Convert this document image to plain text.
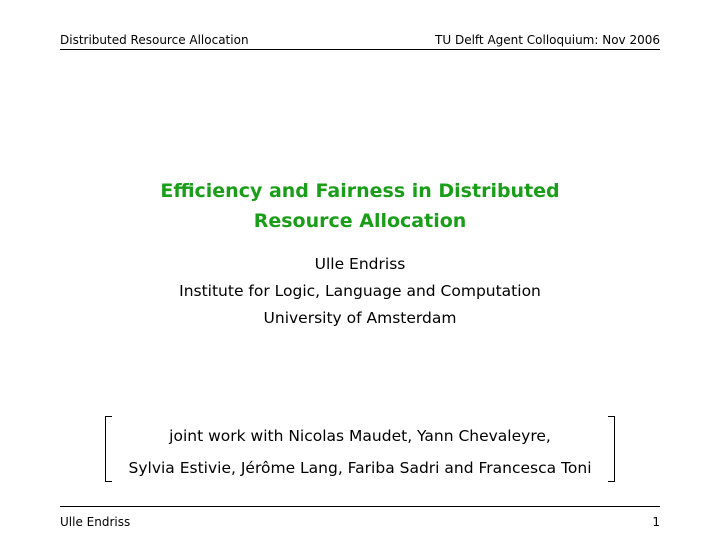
Distributed Resource Allocation	TU Delft Agent Colloquium: Nov 2006
Efficiency and Fairness in Distributed
Resource Allocation
Ulle Endriss
Institute for Logic, Language and Computation
University of Amsterdam
joint work with Nicolas Maudet, Yann Chevaleyre,
Sylvia Estivie, Jérôme Lang, Fariba Sadri and Francesca Toni
Ulle Endriss	1
